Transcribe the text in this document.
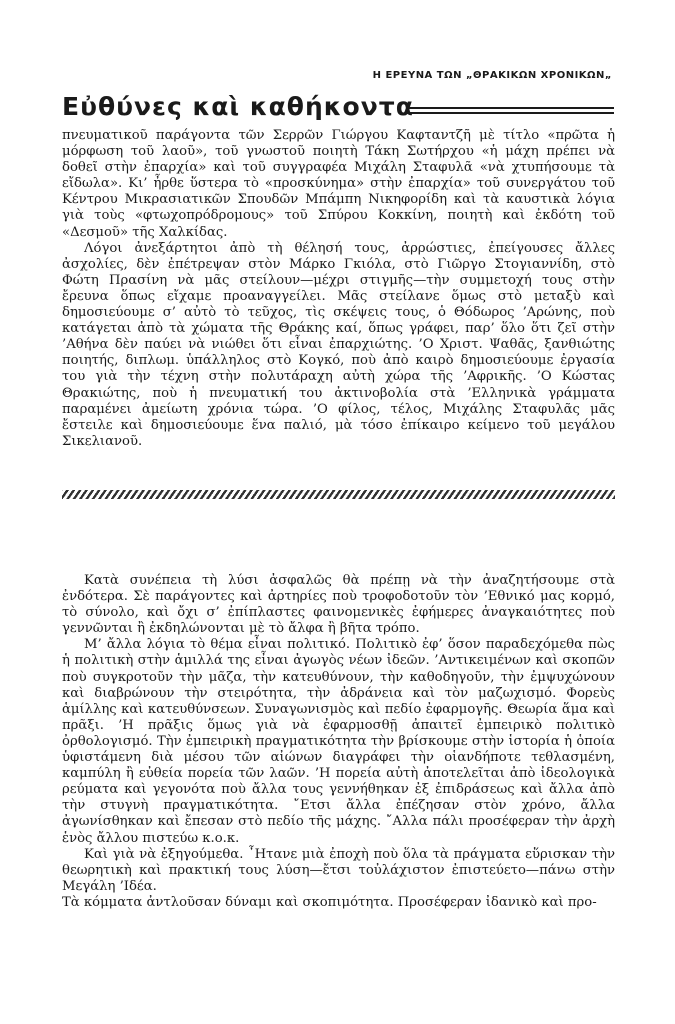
Η ΕΡΕΥΝΑ ΤΩΝ „ΘΡΑΚΙΚΩΝ ΧΡΟΝΙΚΩΝ„
Εὐθύνες καὶ καθήκοντα

πνευματικοῦ παράγοντα τῶν Σερρῶν Γιώργου Καφταντζῆ μὲ τίτλο «πρῶτα ἡ μόρφωση τοῦ λαοῦ», τοῦ γνωστοῦ ποιητὴ Τάκη Σωτήρχου «ἡ μάχη πρέπει νὰ δοθεῖ στὴν ἐπαρχία» καὶ τοῦ συγγραφέα Μιχάλη Σταφυλᾶ «νὰ χτυπήσουμε τὰ εἴδωλα». Κι’ ἦρθε ὕστερα τὸ «προσκύνημα» στὴν ἐπαρχία» τοῦ συνεργάτου τοῦ Κέντρου Μικρασιατικῶν Σπουδῶν Μπάμπη Νικηφορίδη καὶ τὰ καυστικὰ λόγια γιὰ τοὺς «φτωχοπρόδρομους» τοῦ Σπύρου Κοκκίνη, ποιητὴ καὶ ἐκδότη τοῦ «Δεσμοῦ» τῆς Χαλκίδας.

Λόγοι ἀνεξάρτητοι ἀπὸ τὴ θέλησή τους, ἀρρώστιες, ἐπείγουσες ἄλλες ἀσχολίες, δὲν ἐπέτρεψαν στὸν Μάρκο Γκιόλα, στὸ Γιῶργο Στογιαννίδη, στὸ Φώτη Πρασίνη νὰ μᾶς στείλουν—μέχρι στιγμῆς—τὴν συμμετοχή τους στὴν ἔρευνα ὅπως εἴχαμε προαναγγείλει. Μᾶς στείλανε ὅμως στὸ μεταξὺ καὶ δημοσιεύουμε σ’ αὐτὸ τὸ τεῦχος, τὶς σκέψεις τους, ὁ Θόδωρος ’Αρώνης, ποὺ κατάγεται ἀπὸ τὰ χώματα τῆς Θράκης καί, ὅπως γράφει, παρ’ ὅλο ὅτι ζεῖ στὴν ’Αθήνα δὲν παύει νὰ νιώθει ὅτι εἶναι ἐπαρχιώτης. ’Ο Χριστ. Ψαθᾶς, ξανθιώτης ποιητής, διπλωμ. ὑπάλληλος στὸ Κογκό, ποὺ ἀπὸ καιρὸ δημοσιεύουμε ἐργασία του γιὰ τὴν τέχνη στὴν πολυτάραχη αὐτὴ χώρα τῆς ’Αφρικῆς. ’Ο Κώστας Θρακιώτης, ποὺ ἡ πνευματική του ἀκτινοβολία στὰ ’Ελληνικὰ γράμματα παραμένει ἀμείωτη χρόνια τώρα. ’Ο φίλος, τέλος, Μιχάλης Σταφυλᾶς μᾶς ἔστειλε καὶ δημοσιεύουμε ἕνα παλιό, μὰ τόσο ἐπίκαιρο κείμενο τοῦ μεγάλου Σικελιανοῦ.

Κατὰ συνέπεια τὴ λύσι ἀσφαλῶς θὰ πρέπῃ νὰ τὴν ἀναζητήσουμε στὰ ἐνδότερα. Σὲ παράγοντες καὶ ἀρτηρίες ποὺ τροφοδοτοῦν τὸν ’Εθνικό μας κορμό, τὸ σύνολο, καὶ ὄχι σ’ ἐπίπλαστες φαινομενικὲς ἐφήμερες ἀναγκαιότητες ποὺ γεννῶνται ἢ ἐκδηλώνονται μὲ τὸ ἄλφα ἢ βῆτα τρόπο.

Μ’ ἄλλα λόγια τὸ θέμα εἶναι πολιτικό. Πολιτικὸ ἐφ’ ὅσον παραδεχόμεθα πὼς ἡ πολιτικὴ στὴν ἁμιλλά της εἶναι ἀγωγὸς νέων ἰδεῶν. ’Αντικειμένων καὶ σκοπῶν ποὺ συγκροτοῦν τὴν μᾶζα, τὴν κατευθύνουν, τὴν καθοδηγοῦν, τὴν ἐμψυχώνουν καὶ διαβρώνουν τὴν στειρότητα, τὴν ἀδράνεια καὶ τὸν μαζωχισμό. Φορεὺς ἁμίλλης καὶ κατευθύνσεων. Συναγωνισμὸς καὶ πεδίο ἐφαρμογῆς. Θεωρία ἅμα καὶ πρᾶξι. ’Η πρᾶξις ὅμως γιὰ νὰ ἐφαρμοσθῇ ἀπαιτεῖ ἐμπειρικὸ πολιτικὸ ὀρθολογισμό. Τὴν ἐμπειρικὴ πραγματικότητα τὴν βρίσκουμε στὴν ἱστορία ἡ ὁποία ὑφιστάμενη διὰ μέσου τῶν αἰώνων διαγράφει τὴν οἱανδήποτε τεθλασμένη, καμπύλη ἢ εὐθεία πορεία τῶν λαῶν. ’Η πορεία αὐτὴ ἀποτελεῖται ἀπὸ ἰδεολογικὰ ρεύματα καὶ γεγονότα ποὺ ἄλλα τους γεννήθηκαν ἐξ ἐπιδράσεως καὶ ἄλλα ἀπὸ τὴν στυγνὴ πραγματικότητα. ῎Ετσι ἄλλα ἐπέζησαν στὸν χρόνο, ἄλλα ἀγωνίσθηκαν καὶ ἔπεσαν στὸ πεδίο τῆς μάχης. ῎Αλλα πάλι προσέφεραν τὴν ἀρχὴ ἑνὸς ἄλλου πιστεύω κ.ο.κ.

Καὶ γιὰ νὰ ἐξηγούμεθα. ῏Ητανε μιὰ ἐποχὴ ποὺ ὅλα τὰ πράγματα εὕρισκαν τὴν θεωρητικὴ καὶ πρακτική τους λύση—ἔτσι τοὐλάχιστον ἐπιστεύετο—πάνω στὴν Μεγάλη ’Ιδέα.

Τὰ κόμματα ἀντλοῦσαν δύναμι καὶ σκοπιμότητα. Προσέφεραν ἰδανικὸ καὶ προ-
